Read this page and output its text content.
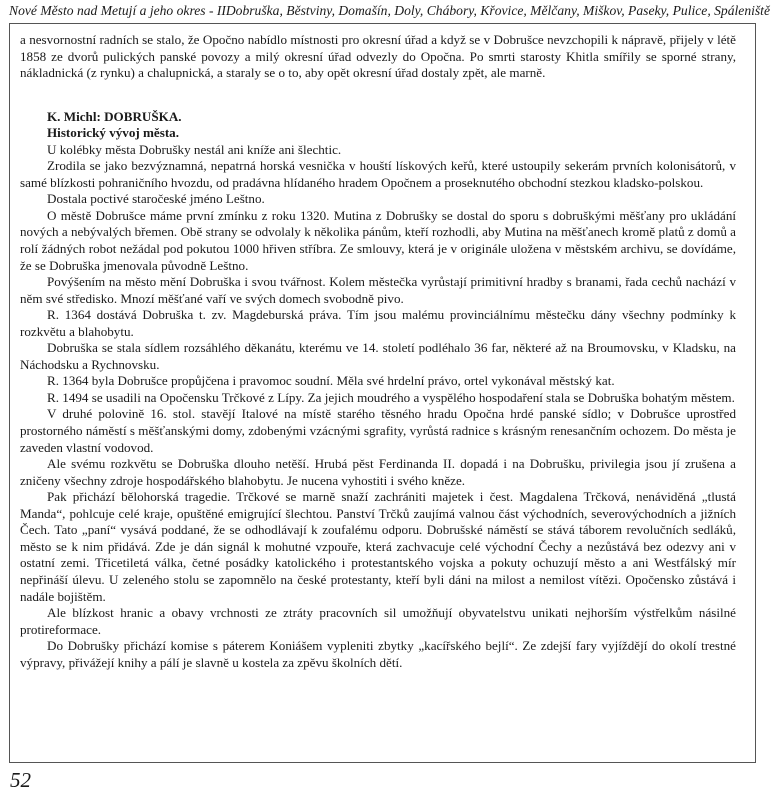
Nové Město nad Metují a jeho okres - II Dobruška, Běstviny, Domašín, Doly, Chábory, Křovice, Mělčany, Miškov, Paseky, Pulice, Spáleniště

a nesvornostní radních se stalo, že Opočno nabídlo místnosti pro okresní úřad a když se v Dobrušce nevzchopili k nápravě, přijely v létě 1858 ze dvorů pulických panské povozy a milý okresní úřad odvezly do Opočna. Po smrti starosty Khitla smířily se sporné strany, nákladnická (z rynku) a chalupnická, a staraly se o to, aby opět okresní úřad dostaly zpět, ale marně.

K. Michl: DOBRUŠKA.

Historický vývoj města.

U kolébky města Dobrušky nestál ani kníže ani šlechtic.

Zrodila se jako bezvýznamná, nepatrná horská vesnička v houští lískových keřů, které ustoupily sekerám prvních kolonisátorů, v samé blízkosti pohraničního hvozdu, od pradávna hlídaného hradem Opočnem a proseknutého obchodní stezkou kladsko-polskou.

Dostala poctivé staročeské jméno Leštno.

O městě Dobrušce máme první zmínku z roku 1320. Mutina z Dobrušky se dostal do sporu s dobruškými měšťany pro ukládání nových a nebývalých břemen. Obě strany se odvolaly k několika pánům, kteří rozhodli, aby Mutina na měšťanech kromě platů z domů a rolí žádných robot nežádal pod pokutou 1000 hřiven stříbra. Ze smlouvy, která je v originále uložena v městském archivu, se dovídáme, že se Dobruška jmenovala původně Leštno.

Povýšením na město mění Dobruška i svou tvářnost. Kolem městečka vyrůstají primitivní hradby s branami, řada cechů nachází v něm své středisko. Mnozí měšťané vaří ve svých domech svobodně pivo.

R. 1364 dostává Dobruška t. zv. Magdeburská práva. Tím jsou malému provinciálnímu městečku dány všechny podmínky k rozkvětu a blahobytu.

Dobruška se stala sídlem rozsáhlého děkanátu, kterému ve 14. století podléhalo 36 far, některé až na Broumovsku, v Kladsku, na Náchodsku a Rychnovsku.

R. 1364 byla Dobrušce propůjčena i pravomoc soudní. Měla své hrdelní právo, ortel vykonával městský kat.

R. 1494 se usadili na Opočensku Trčkové z Lípy. Za jejich moudrého a vyspělého hospodaření stala se Dobruška bohatým městem.

V druhé polovině 16. stol. stavějí Italové na místě starého těsného hradu Opočna hrdé panské sídlo; v Dobrušce uprostřed prostorného náměstí s měšťanskými domy, zdobenými vzácnými sgrafity, vyrůstá radnice s krásným renesančním ochozem. Do města je zaveden vlastní vodovod.

Ale svému rozkvětu se Dobruška dlouho netěší. Hrubá pěst Ferdinanda II. dopadá i na Dobrušku, privilegia jsou jí zrušena a zničeny všechny zdroje hospodářského blahobytu. Je nucena vyhostiti i svého kněze.

Pak přichází bělohorská tragedie. Trčkové se marně snaží zachrániti majetek i čest. Magdalena Trčková, nenáviděná „tlustá Manda“, pohlcuje celé kraje, opuštěné emigrující šlechtou. Panství Trčků zaujímá valnou část východních, severovýchodních a jižních Čech. Tato „paní“ vysává poddané, že se odhodlávají k zoufalému odporu. Dobrušské náměstí se stává táborem revolučních sedláků, město se k nim přidává. Zde je dán signál k mohutné vzpouře, která zachvacuje celé východní Čechy a nezůstává bez odezvy ani v ostatní zemi. Třicetiletá válka, četné posádky katolického i protestantského vojska a pokuty ochuzují město a ani Westfálský mír nepřináší úlevu. U zeleného stolu se zapomnělo na české protestanty, kteří byli dáni na milost a nemilost vítězi. Opočensko zůstává i nadále bojištěm.

Ale blízkost hranic a obavy vrchnosti ze ztráty pracovních sil umožňují obyvatelstvu unikati nejhorším výstřelkům násilné protireformace.

Do Dobrušky přichází komise s páterem Koniášem vypleniti zbytky „kacířského bejlí“. Ze zdejší fary vyjíždějí do okolí trestné výpravy, přivážejí knihy a pálí je slavně u kostela za zpěvu školních dětí.

52
